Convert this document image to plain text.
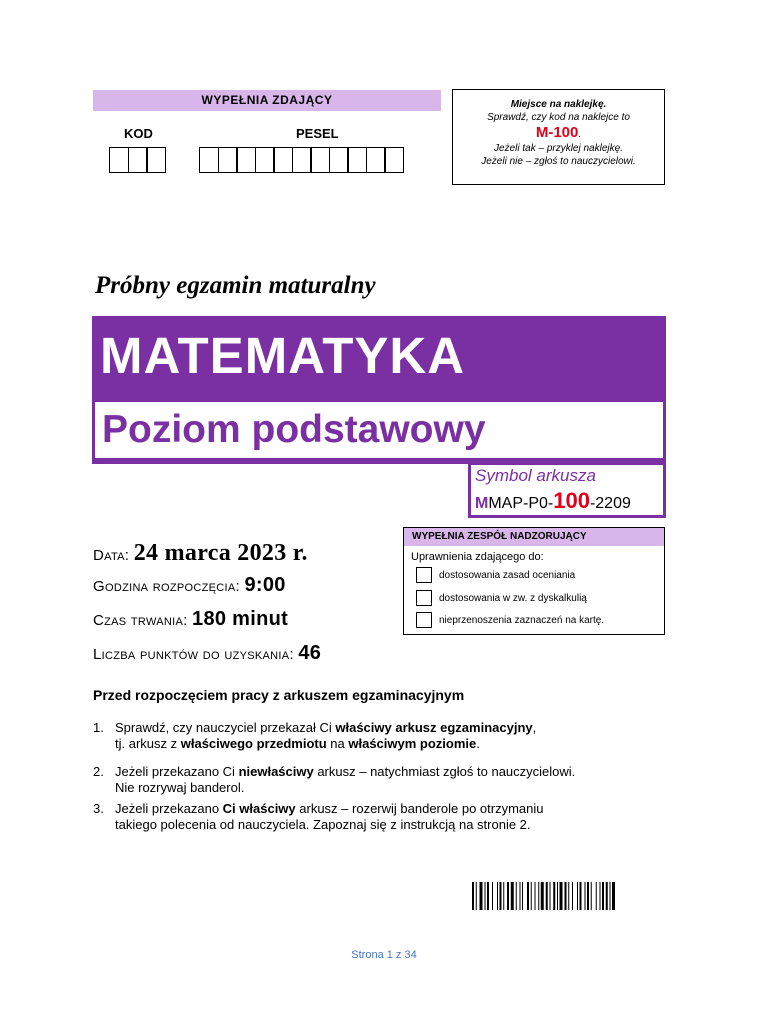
WYPEŁNIA ZDAJĄCY
KOD	PESEL
Miejsce na naklejkę.
Sprawdź, czy kod na naklejce to
M-100.
Jeżeli tak – przyklej naklejkę.
Jeżeli nie – zgłoś to nauczycielowi.
Próbny egzamin maturalny
MATEMATYKA
Poziom podstawowy
Symbol arkusza
MMAP-P0-100-2209
Data: 24 marca 2023 r.
Godzina rozpoczęcia: 9:00
Czas trwania: 180 minut
Liczba punktów do uzyskania: 46
WYPEŁNIA ZESPÓŁ NADZORUJĄCY
Uprawnienia zdającego do:
dostosowania zasad oceniania
dostosowania w zw. z dyskalkulią
nieprzenoszenia zaznaczeń na kartę.
Przed rozpoczęciem pracy z arkuszem egzaminacyjnym
1. Sprawdź, czy nauczyciel przekazał Ci właściwy arkusz egzaminacyjny,
tj. arkusz z właściwego przedmiotu na właściwym poziomie.
2. Jeżeli przekazano Ci niewłaściwy arkusz – natychmiast zgłoś to nauczycielowi.
Nie rozrywaj banderol.
3. Jeżeli przekazano Ci właściwy arkusz – rozerwij banderole po otrzymaniu
takiego polecenia od nauczyciela. Zapoznaj się z instrukcją na stronie 2.
Strona 1 z 34
